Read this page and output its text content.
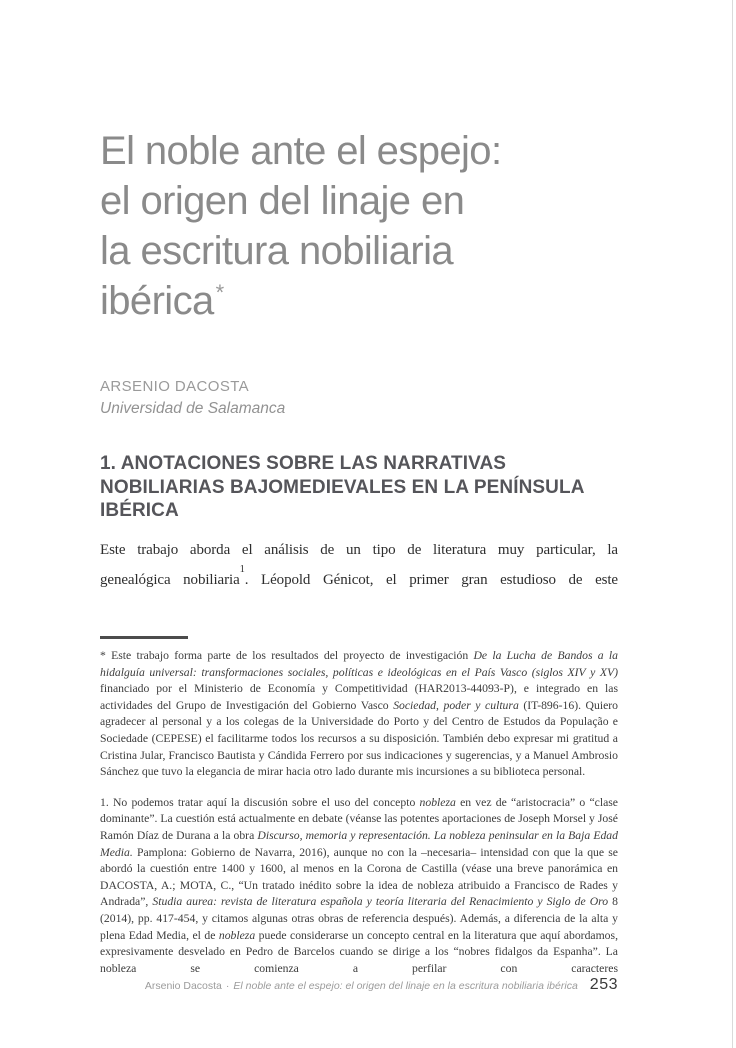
El noble ante el espejo:
el origen del linaje en
la escritura nobiliaria
ibérica*
ARSENIO DACOSTA
Universidad de Salamanca
1. ANOTACIONES SOBRE LAS NARRATIVAS
NOBILIARIAS BAJOMEDIEVALES EN LA PENÍNSULA
IBÉRICA
Este trabajo aborda el análisis de un tipo de literatura muy particular, la
genealógica nobiliaria$^1$. Léopold Génicot, el primer gran estudioso de este
* Este trabajo forma parte de los resultados del proyecto de investigación De la Lucha de Bandos a la hidalguía universal: transformaciones sociales, políticas e ideológicas en el País Vasco (siglos XIV y XV) financiado por el Ministerio de Economía y Competitividad (HAR2013-44093-P), e integrado en las actividades del Grupo de Investigación del Gobierno Vasco Sociedad, poder y cultura (IT-896-16). Quiero agradecer al personal y a los colegas de la Universidade do Porto y del Centro de Estudos da População e Sociedade (CEPESE) el facilitarme todos los recursos a su disposición. También debo expresar mi gratitud a Cristina Jular, Francisco Bautista y Cándida Ferrero por sus indicaciones y sugerencias, y a Manuel Ambrosio Sánchez que tuvo la elegancia de mirar hacia otro lado durante mis incursiones a su biblioteca personal.
1. No podemos tratar aquí la discusión sobre el uso del concepto nobleza en vez de “aristocracia” o “clase dominante”. La cuestión está actualmente en debate (véanse las potentes aportaciones de Joseph Morsel y José Ramón Díaz de Durana a la obra Discurso, memoria y representación. La nobleza peninsular en la Baja Edad Media. Pamplona: Gobierno de Navarra, 2016), aunque no con la –necesaria– intensidad con que la que se abordó la cuestión entre 1400 y 1600, al menos en la Corona de Castilla (véase una breve panorámica en DACOSTA, A.; MOTA, C., “Un tratado inédito sobre la idea de nobleza atribuido a Francisco de Rades y Andrada”, Studia aurea: revista de literatura española y teoría literaria del Renacimiento y Siglo de Oro 8 (2014), pp. 417-454, y citamos algunas otras obras de referencia después). Además, a diferencia de la alta y plena Edad Media, el de nobleza puede considerarse un concepto central en la literatura que aquí abordamos, expresivamente desvelado en Pedro de Barcelos cuando se dirige a los “nobres fidalgos da Espanha”. La nobleza se comienza a perfilar con caracteres
Arsenio Dacosta · El noble ante el espejo: el origen del linaje en la escritura nobiliaria ibérica 253
